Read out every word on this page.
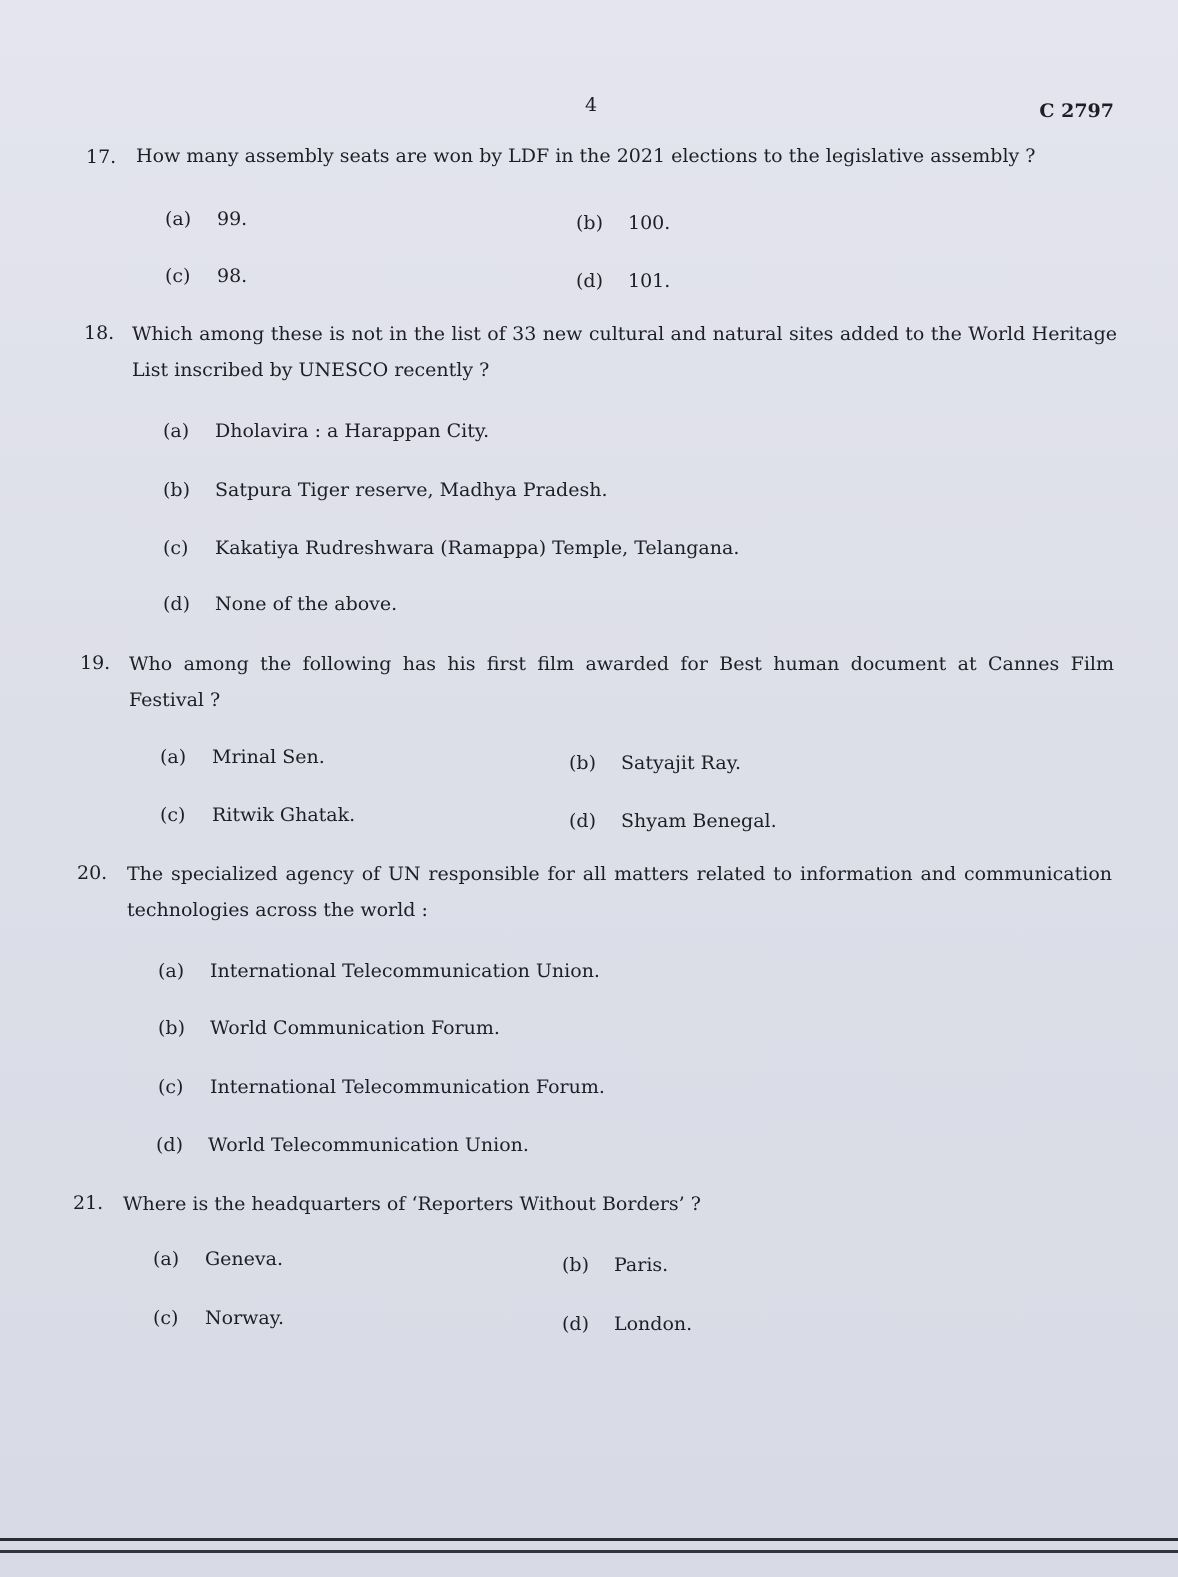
4	C 2797
17. How many assembly seats are won by LDF in the 2021 elections to the legislative assembly ?
(a) 99.	(b) 100.
(c) 98.	(d) 101.
18. Which among these is not in the list of 33 new cultural and natural sites added to the World Heritage List inscribed by UNESCO recently ?
(a) Dholavira : a Harappan City.
(b) Satpura Tiger reserve, Madhya Pradesh.
(c) Kakatiya Rudreshwara (Ramappa) Temple, Telangana.
(d) None of the above.
19. Who among the following has his first film awarded for Best human document at Cannes Film Festival ?
(a) Mrinal Sen.	(b) Satyajit Ray.
(c) Ritwik Ghatak.	(d) Shyam Benegal.
20. The specialized agency of UN responsible for all matters related to information and communication technologies across the world :
(a) International Telecommunication Union.
(b) World Communication Forum.
(c) International Telecommunication Forum.
(d) World Telecommunication Union.
21. Where is the headquarters of ‘Reporters Without Borders’ ?
(a) Geneva.	(b) Paris.
(c) Norway.	(d) London.
